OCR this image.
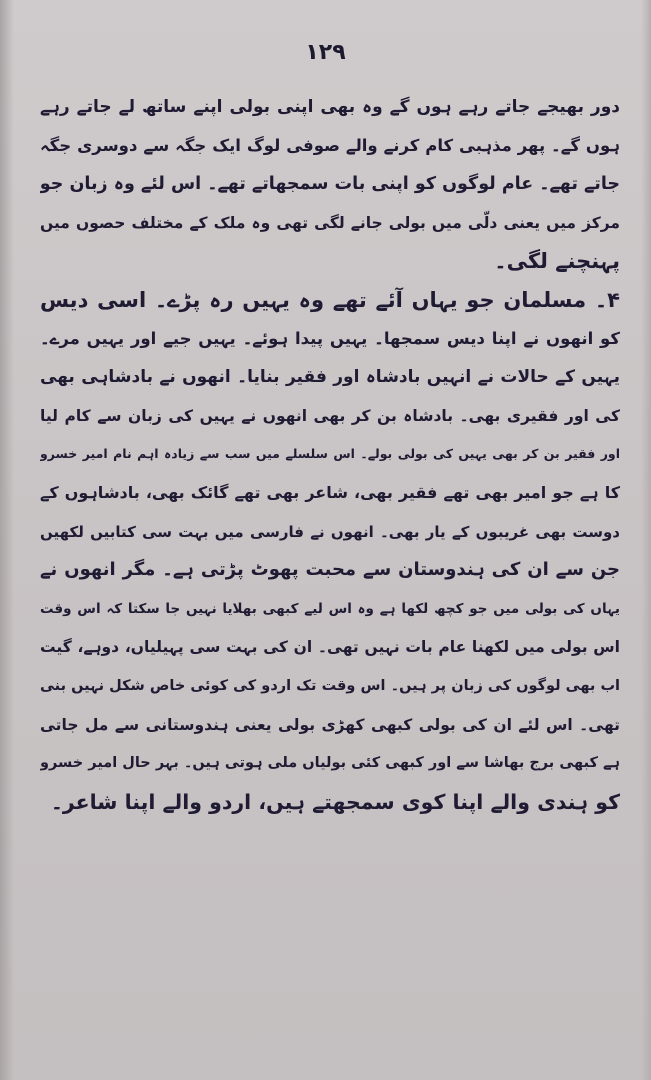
١٢٩
دور بھیجے جاتے رہے ہوں گے وہ بھی اپنی بولی اپنے ساتھ لے جاتے رہے
ہوں گے۔ پھر مذہبی کام کرنے والے صوفی لوگ ایک جگہ سے دوسری جگہ
جاتے تھے۔ عام لوگوں کو اپنی بات سمجھاتے تھے۔ اس لئے وہ زبان جو
مرکز میں یعنی دلّی میں بولی جانے لگی تھی وہ ملک کے مختلف حصوں میں
پہنچنے لگی۔
۴۔ مسلمان جو یہاں آئے تھے وہ یہیں رہ پڑے۔ اسی دیس
کو انھوں نے اپنا دیس سمجھا۔ یہیں پیدا ہوئے۔ یہیں جیے اور یہیں مرے۔
یہیں کے حالات نے انہیں بادشاہ اور فقیر بنایا۔ انھوں نے بادشاہی بھی
کی اور فقیری بھی۔ بادشاہ بن کر بھی انھوں نے یہیں کی زبان سے کام لیا
اور فقیر بن کر بھی یہیں کی بولی بولے۔ اس سلسلے میں سب سے زیادہ اہم نام امیر خسرو
کا ہے جو امیر بھی تھے فقیر بھی، شاعر بھی تھے گائک بھی، بادشاہوں کے
دوست بھی غریبوں کے یار بھی۔ انھوں نے فارسی میں بہت سی کتابیں لکھیں
جن سے ان کی ہندوستان سے محبت پھوٹ پڑتی ہے۔ مگر انھوں نے
یہاں کی بولی میں جو کچھ لکھا ہے وہ اس لیے کبھی بھلایا نہیں جا سکتا کہ اس وقت
اس بولی میں لکھنا عام بات نہیں تھی۔ ان کی بہت سی پہیلیاں، دوہے، گیت
اب بھی لوگوں کی زبان پر ہیں۔ اس وقت تک اردو کی کوئی خاص شکل نہیں بنی
تھی۔ اس لئے ان کی بولی کبھی کھڑی بولی یعنی ہندوستانی سے مل جاتی
ہے کبھی برج بھاشا سے اور کبھی کئی بولیاں ملی ہوتی ہیں۔ بہر حال امیر خسرو
کو ہندی والے اپنا کوی سمجھتے ہیں، اردو والے اپنا شاعر۔
